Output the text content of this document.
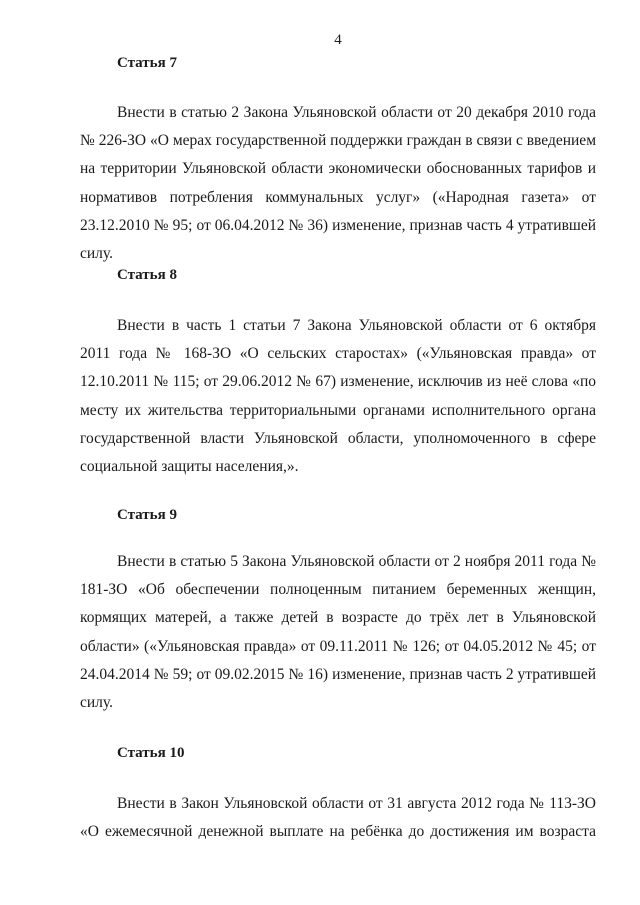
4
Статья 7
Внести в статью 2 Закона Ульяновской области от 20 декабря 2010 года № 226-ЗО «О мерах государственной поддержки граждан в связи с введением на территории Ульяновской области экономически обоснованных тарифов и нормативов потребления коммунальных услуг» («Народная газета» от 23.12.2010 № 95; от 06.04.2012 № 36) изменение, признав часть 4 утратившей силу.
Статья 8
Внести в часть 1 статьи 7 Закона Ульяновской области от 6 октября 2011 года № 168-ЗО «О сельских старостах» («Ульяновская правда» от 12.10.2011 № 115; от 29.06.2012 № 67) изменение, исключив из неё слова «по месту их жительства территориальными органами исполнительного органа государственной власти Ульяновской области, уполномоченного в сфере социальной защиты населения,».
Статья 9
Внести в статью 5 Закона Ульяновской области от 2 ноября 2011 года № 181-ЗО «Об обеспечении полноценным питанием беременных женщин, кормящих матерей, а также детей в возрасте до трёх лет в Ульяновской области» («Ульяновская правда» от 09.11.2011 № 126; от 04.05.2012 № 45; от 24.04.2014 № 59; от 09.02.2015 № 16) изменение, признав часть 2 утратившей силу.
Статья 10
Внести в Закон Ульяновской области от 31 августа 2012 года № 113-ЗО «О ежемесячной денежной выплате на ребёнка до достижения им возраста
